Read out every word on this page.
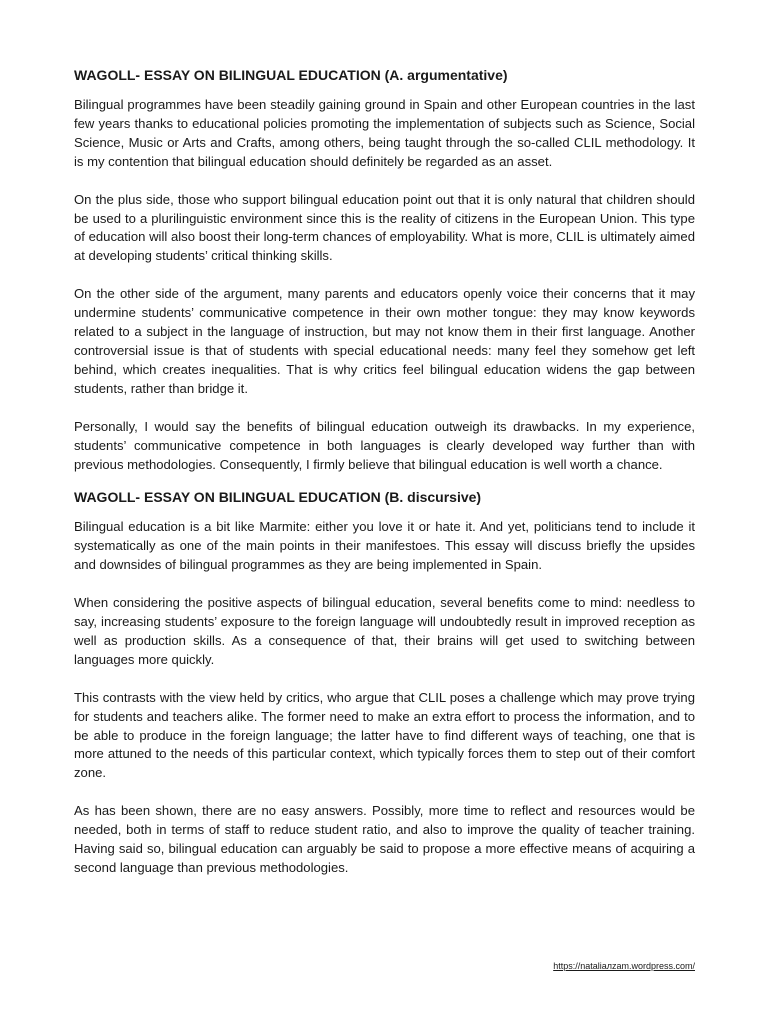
WAGOLL- ESSAY ON BILINGUAL EDUCATION (A. argumentative)

Bilingual programmes have been steadily gaining ground in Spain and other European countries in the last few years thanks to educational policies promoting the implementation of subjects such as Science, Social Science, Music or Arts and Crafts, among others, being taught through the so-called CLIL methodology. It is my contention that bilingual education should definitely be regarded as an asset.

On the plus side, those who support bilingual education point out that it is only natural that children should be used to a plurilinguistic environment since this is the reality of citizens in the European Union. This type of education will also boost their long-term chances of employability. What is more, CLIL is ultimately aimed at developing students’ critical thinking skills.

On the other side of the argument, many parents and educators openly voice their concerns that it may undermine students’ communicative competence in their own mother tongue: they may know keywords related to a subject in the language of instruction, but may not know them in their first language. Another controversial issue is that of students with special educational needs: many feel they somehow get left behind, which creates inequalities. That is why critics feel bilingual education widens the gap between students, rather than bridge it.

Personally, I would say the benefits of bilingual education outweigh its drawbacks. In my experience, students’ communicative competence in both languages is clearly developed way further than with previous methodologies. Consequently, I firmly believe that bilingual education is well worth a chance.

WAGOLL- ESSAY ON BILINGUAL EDUCATION (B. discursive)

Bilingual education is a bit like Marmite: either you love it or hate it. And yet, politicians tend to include it systematically as one of the main points in their manifestoes. This essay will discuss briefly the upsides and downsides of bilingual programmes as they are being implemented in Spain.

When considering the positive aspects of bilingual education, several benefits come to mind: needless to say, increasing students’ exposure to the foreign language will undoubtedly result in improved reception as well as production skills. As a consequence of that, their brains will get used to switching between languages more quickly.

This contrasts with the view held by critics, who argue that CLIL poses a challenge which may prove trying for students and teachers alike. The former need to make an extra effort to process the information, and to be able to produce in the foreign language; the latter have to find different ways of teaching, one that is more attuned to the needs of this particular context, which typically forces them to step out of their comfort zone.

As has been shown, there are no easy answers. Possibly, more time to reflect and resources would be needed, both in terms of staff to reduce student ratio, and also to improve the quality of teacher training. Having said so, bilingual education can arguably be said to propose a more effective means of acquiring a second language than previous methodologies.

https://nataliaлzam.wordpress.com/
